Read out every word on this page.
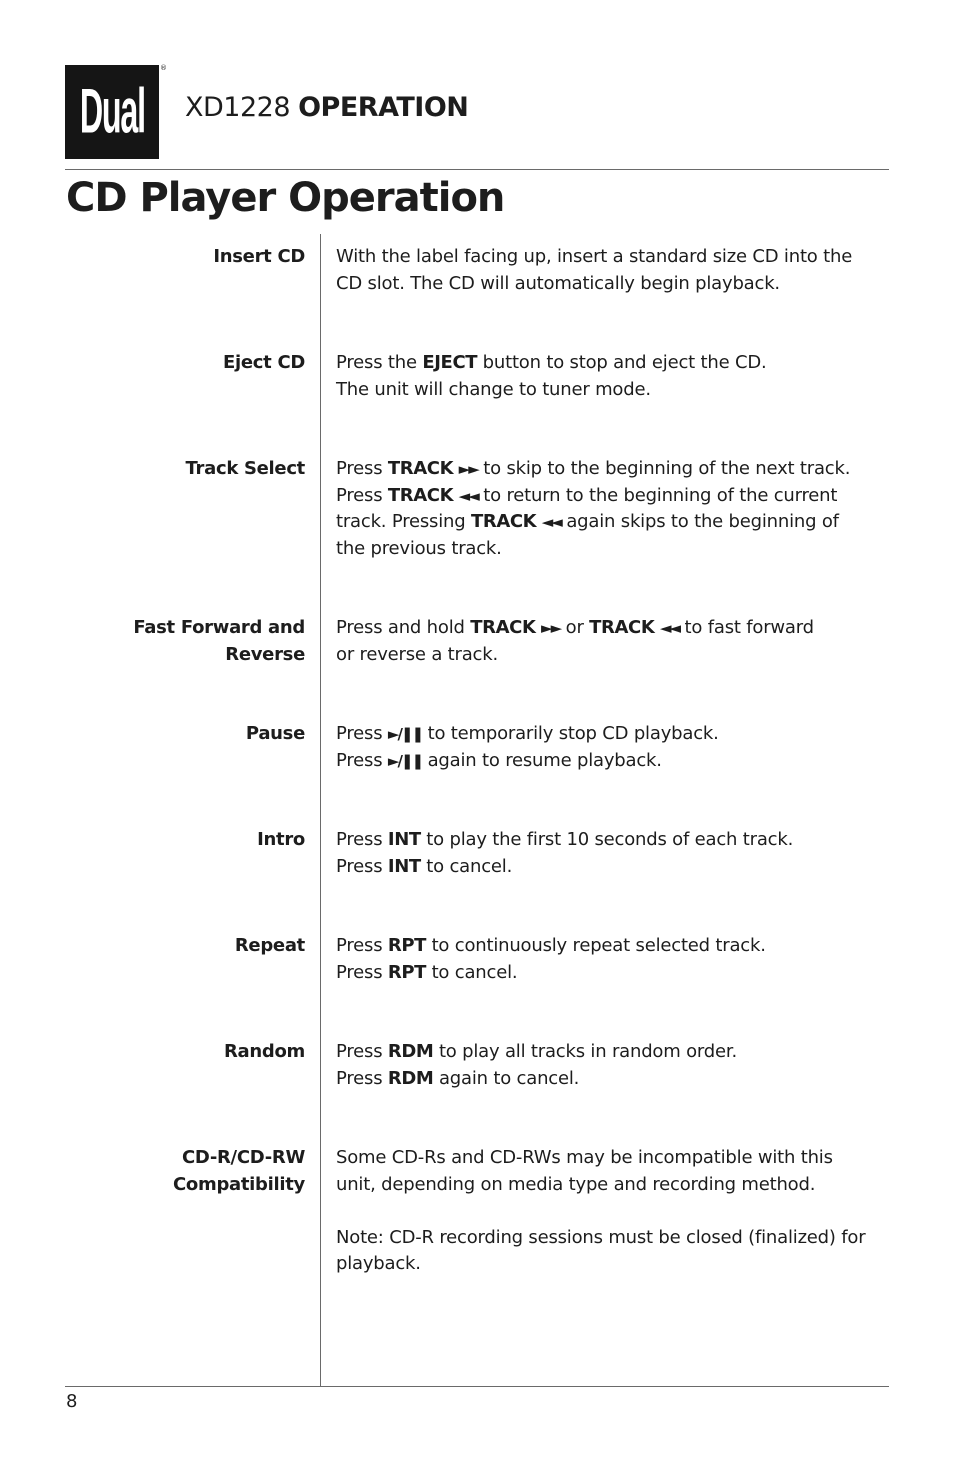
Dual
®
XD1228 OPERATION
CD Player Operation
Insert CD With the label facing up, insert a standard size CD into the

CD slot. The CD will automatically begin playback.

Eject CD Press the EJECT button to stop and eject the CD.

The unit will change to tuner mode.

Track Select Press TRACK ►► to skip to the beginning of the next track.

Press TRACK ◄◄ to return to the beginning of the current

track. Pressing TRACK ◄◄ again skips to the beginning of

the previous track.

Fast Forward and
Reverse

Press and hold TRACK ►► or TRACK ◄◄ to fast forward

or reverse a track.

Pause Press ►/❚❚ to temporarily stop CD playback.

Press ►/❚❚ again to resume playback.

Intro Press INT to play the first 10 seconds of each track.

Press INT to cancel.

Repeat Press RPT to continuously repeat selected track.

Press RPT to cancel.

Random Press RDM to play all tracks in random order.

Press RDM again to cancel.

CD-R/CD-RW
Compatibility

Some CD-Rs and CD-RWs may be incompatible with this

unit, depending on media type and recording method.

Note: CD-R recording sessions must be closed (finalized) for

playback.

8
